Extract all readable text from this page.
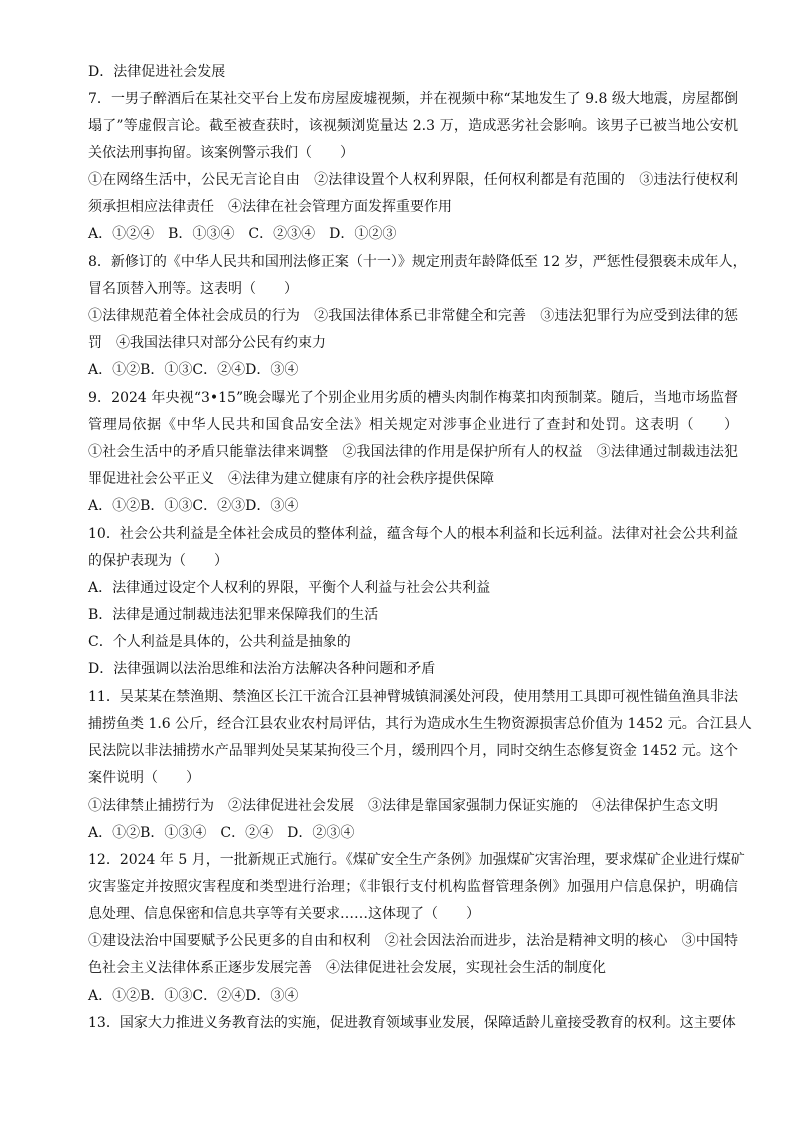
D．法律促进社会发展
7．一男子醉酒后在某社交平台上发布房屋废墟视频，并在视频中称“某地发生了 9.8 级大地震，房屋都倒
塌了”等虚假言论。截至被查获时，该视频浏览量达 2.3 万，造成恶劣社会影响。该男子已被当地公安机
关依法刑事拘留。该案例警示我们（　　）
①在网络生活中，公民无言论自由　②法律设置个人权利界限，任何权利都是有范围的　③违法行使权利
须承担相应法律责任　④法律在社会管理方面发挥重要作用
A．①②④　B．①③④　C．②③④　D．①②③
8．新修订的《中华人民共和国刑法修正案（十一）》规定刑责年龄降低至 12 岁，严惩性侵猥亵未成年人，
冒名顶替入刑等。这表明（　　）
①法律规范着全体社会成员的行为　②我国法律体系已非常健全和完善　③违法犯罪行为应受到法律的惩
罚　④我国法律只对部分公民有约束力
A．①②B．①③C．②④D．③④
9．2024 年央视“3•15”晚会曝光了个别企业用劣质的槽头肉制作梅菜扣肉预制菜。随后，当地市场监督
管理局依据《中华人民共和国食品安全法》相关规定对涉事企业进行了查封和处罚。这表明（　　）
①社会生活中的矛盾只能靠法律来调整　②我国法律的作用是保护所有人的权益　③法律通过制裁违法犯
罪促进社会公平正义　④法律为建立健康有序的社会秩序提供保障
A．①②B．①③C．②③D．③④
10．社会公共利益是全体社会成员的整体利益，蕴含每个人的根本利益和长远利益。法律对社会公共利益
的保护表现为（　　）
A．法律通过设定个人权利的界限，平衡个人利益与社会公共利益
B．法律是通过制裁违法犯罪来保障我们的生活
C．个人利益是具体的，公共利益是抽象的
D．法律强调以法治思维和法治方法解决各种问题和矛盾
11．吴某某在禁渔期、禁渔区长江干流合江县神臂城镇洞溪处河段，使用禁用工具即可视性锚鱼渔具非法
捕捞鱼类 1.6 公斤，经合江县农业农村局评估，其行为造成水生生物资源损害总价值为 1452 元。合江县人
民法院以非法捕捞水产品罪判处吴某某拘役三个月，缓刑四个月，同时交纳生态修复资金 1452 元。这个
案件说明（　　）
①法律禁止捕捞行为　②法律促进社会发展　③法律是靠国家强制力保证实施的　④法律保护生态文明
A．①②B．①③④　C．②④　D．②③④
12．2024 年 5 月，一批新规正式施行。《煤矿安全生产条例》加强煤矿灾害治理，要求煤矿企业进行煤矿
灾害鉴定并按照灾害程度和类型进行治理；《非银行支付机构监督管理条例》加强用户信息保护，明确信
息处理、信息保密和信息共享等有关要求……这体现了（　　）
①建设法治中国要赋予公民更多的自由和权利　②社会因法治而进步，法治是精神文明的核心　③中国特
色社会主义法律体系正逐步发展完善　④法律促进社会发展，实现社会生活的制度化
A．①②B．①③C．②④D．③④
13．国家大力推进义务教育法的实施，促进教育领域事业发展，保障适龄儿童接受教育的权利。这主要体
